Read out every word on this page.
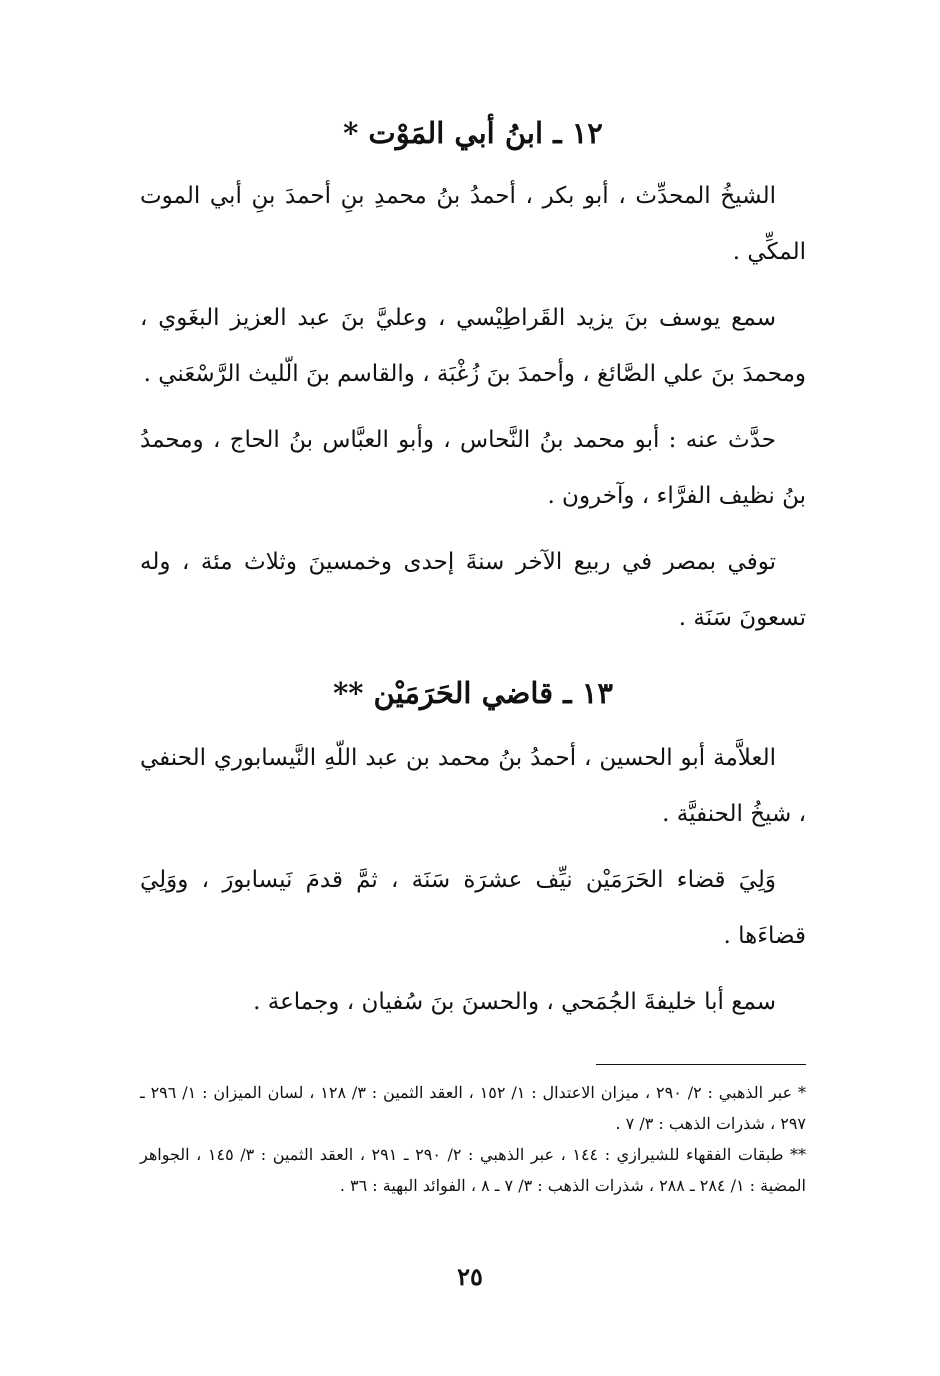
١٢ ـ ابنُ أبي المَوْت *

الشيخُ المحدِّث ، أبو بكر ، أحمدُ بنُ محمدِ بنِ أحمدَ بنِ أبي الموت المكِّي .

سمع يوسف بنَ يزيد القَراطِيْسي ، وعليَّ بنَ عبد العزيز البغَوي ، ومحمدَ بنَ علي الصَّائغ ، وأحمدَ بنَ زُغْبَة ، والقاسم بنَ الّليث الرَّسْعَني .

حدَّث عنه : أبو محمد بنُ النَّحاس ، وأبو العبَّاس بنُ الحاج ، ومحمدُ بنُ نظيف الفرَّاء ، وآخرون .

توفي بمصر في ربيع الآخر سنةَ إحدى وخمسينَ وثلاث مئة ، وله تسعونَ سَنَة .

١٣ ـ قاضي الحَرَمَيْن **

العلاَّمة أبو الحسين ، أحمدُ بنُ محمد بن عبد اللّهِ النَّيسابوري الحنفي ، شيخُ الحنفيَّة .

وَلِيَ قضاء الحَرَمَيْن نيِّف عشرَة سَنَة ، ثمَّ قدمَ نَيسابورَ ، ووَلِيَ قضاءَها .

سمع أبا خليفةَ الجُمَحي ، والحسنَ بنَ سُفيان ، وجماعة .

* عبر الذهبي : ٢/ ٢٩٠ ، ميزان الاعتدال : ١/ ١٥٢ ، العقد الثمين : ٣/ ١٢٨ ، لسان الميزان : ١/ ٢٩٦ ـ ٢٩٧ ، شذرات الذهب : ٣/ ٧ .

** طبقات الفقهاء للشيرازي : ١٤٤ ، عبر الذهبي : ٢/ ٢٩٠ ـ ٢٩١ ، العقد الثمين : ٣/ ١٤٥ ، الجواهر المضية : ١/ ٢٨٤ ـ ٢٨٨ ، شذرات الذهب : ٣/ ٧ ـ ٨ ، الفوائد البهية : ٣٦ .

٢٥
